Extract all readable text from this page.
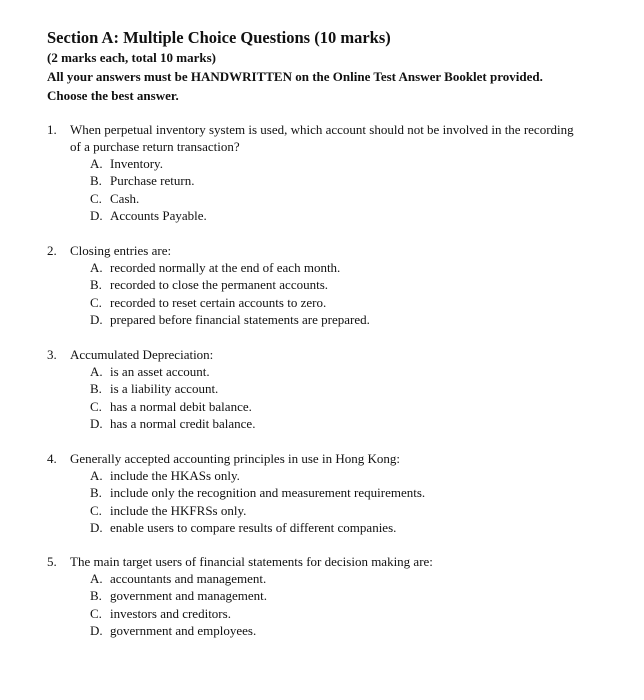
Section A: Multiple Choice Questions (10 marks)

(2 marks each, total 10 marks)

All your answers must be HANDWRITTEN on the Online Test Answer Booklet provided.

Choose the best answer.

1.	When perpetual inventory system is used, which account should not be involved in the recording of a purchase return transaction?
A. Inventory.
B. Purchase return.
C. Cash.
D. Accounts Payable.
2.	Closing entries are:
A. recorded normally at the end of each month.
B. recorded to close the permanent accounts.
C. recorded to reset certain accounts to zero.
D. prepared before financial statements are prepared.
3.	Accumulated Depreciation:
A. is an asset account.
B. is a liability account.
C. has a normal debit balance.
D. has a normal credit balance.
4.	Generally accepted accounting principles in use in Hong Kong:
A. include the HKASs only.
B. include only the recognition and measurement requirements.
C. include the HKFRSs only.
D. enable users to compare results of different companies.
5.	The main target users of financial statements for decision making are:
A. accountants and management.
B. government and management.
C. investors and creditors.
D. government and employees.
